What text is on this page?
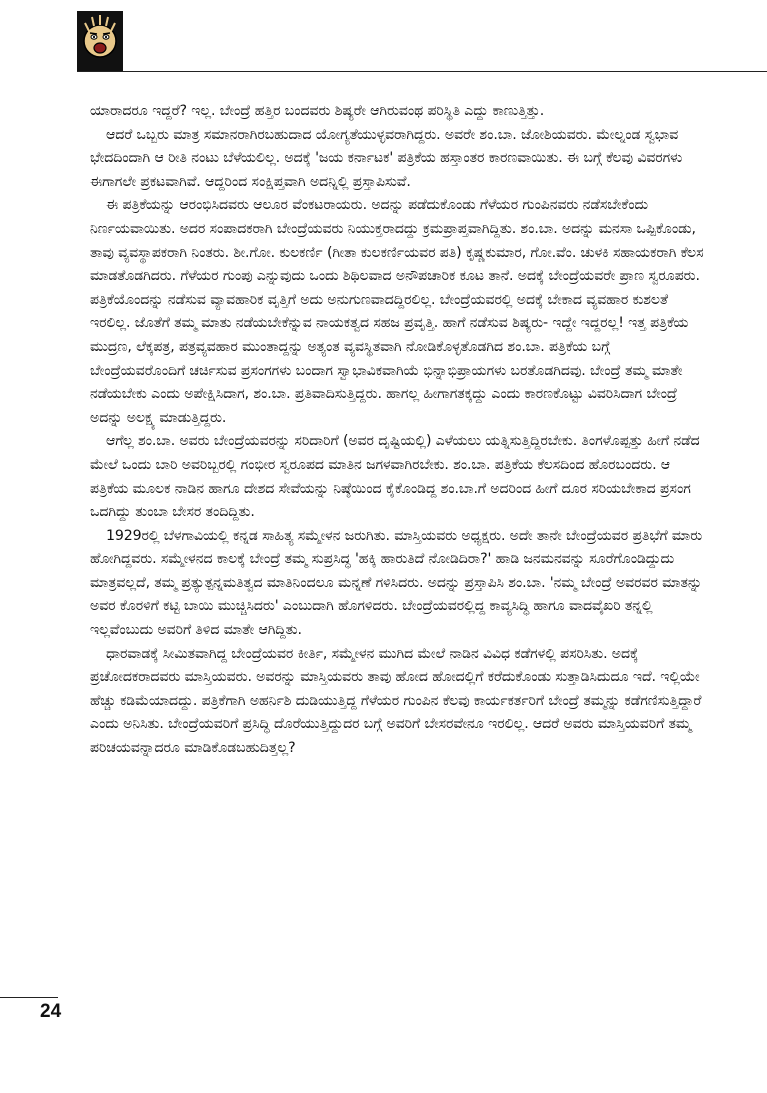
ಯಾರಾದರೂ ಇದ್ದರೆ? ಇಲ್ಲ. ಬೇಂದ್ರೆ ಹತ್ತಿರ ಬಂದವರು ಶಿಷ್ಯರೇ ಆಗಿರುವಂಥ ಪರಿಸ್ಥಿತಿ ಎದ್ದು ಕಾಣುತ್ತಿತ್ತು.

ಆದರೆ ಒಬ್ಬರು ಮಾತ್ರ ಸಮಾನರಾಗಿರಬಹುದಾದ ಯೋಗ್ಯತೆಯುಳ್ಳವರಾಗಿದ್ದರು. ಅವರೇ ಶಂ.ಬಾ. ಜೋಶಿಯವರು. ಮೇಲ್ನಂಡ ಸ್ವಭಾವ ಭೇದದಿಂದಾಗಿ ಆ ರೀತಿ ನಂಟು ಬೆಳೆಯಲಿಲ್ಲ. ಅದಕ್ಕೆ 'ಜಯ ಕರ್ನಾಟಕ' ಪತ್ರಿಕೆಯ ಹಸ್ತಾಂತರ ಕಾರಣವಾಯಿತು. ಈ ಬಗ್ಗೆ ಕೆಲವು ವಿವರಗಳು ಈಗಾಗಲೇ ಪ್ರಕಟವಾಗಿವೆ. ಆದ್ದರಿಂದ ಸಂಕ್ಷಿಪ್ತವಾಗಿ ಅದನ್ನಿಲ್ಲಿ ಪ್ರಸ್ತಾಪಿಸುವೆ.

ಈ ಪತ್ರಿಕೆಯನ್ನು ಆರಂಭಿಸಿದವರು ಆಲೂರ ವೆಂಕಟರಾಯರು. ಅದನ್ನು ಪಡೆದುಕೊಂಡು ಗೆಳೆಯರ ಗುಂಪಿನವರು ನಡೆಸಬೇಕೆಂದು ನಿರ್ಣಯವಾಯಿತು. ಅದರ ಸಂಪಾದಕರಾಗಿ ಬೇಂದ್ರೆಯವರು ನಿಯುಕ್ತರಾದದ್ದು ಕ್ರಮಪ್ರಾಪ್ತವಾಗಿದ್ದಿತು. ಶಂ.ಬಾ. ಅದನ್ನು ಮನಸಾ ಒಪ್ಪಿಕೊಂಡು, ತಾವು ವ್ಯವಸ್ಥಾಪಕರಾಗಿ ನಿಂತರು. ಶೀ.ಗೋ. ಕುಲಕರ್ಣಿ (ಗೀತಾ ಕುಲಕರ್ಣಿಯವರ ಪತಿ) ಕೃಷ್ಣಕುಮಾರ, ಗೋ.ವೆಂ. ಚುಳಕಿ ಸಹಾಯಕರಾಗಿ ಕೆಲಸ ಮಾಡತೊಡಗಿದರು. ಗೆಳೆಯರ ಗುಂಪು ಎನ್ನುವುದು ಒಂದು ಶಿಥಿಲವಾದ ಅನೌಪಚಾರಿಕ ಕೂಟ ತಾನೆ. ಅದಕ್ಕೆ ಬೇಂದ್ರೆಯವರೇ ಪ್ರಾಣ ಸ್ವರೂಪರು. ಪತ್ರಿಕೆಯೊಂದನ್ನು ನಡೆಸುವ ವ್ಯಾವಹಾರಿಕ ವೃತ್ತಿಗೆ ಅದು ಅನುಗುಣವಾದದ್ದಿರಲಿಲ್ಲ. ಬೇಂದ್ರೆಯವರಲ್ಲಿ ಅದಕ್ಕೆ ಬೇಕಾದ ವ್ಯವಹಾರ ಕುಶಲತೆ ಇರಲಿಲ್ಲ. ಜೊತೆಗೆ ತಮ್ಮ ಮಾತು ನಡೆಯಬೇಕೆನ್ನುವ ನಾಯಕತ್ವದ ಸಹಜ ಪ್ರವೃತ್ತಿ. ಹಾಗೆ ನಡೆಸುವ ಶಿಷ್ಯರು- ಇದ್ದೇ ಇದ್ದರಲ್ಲ! ಇತ್ತ ಪತ್ರಿಕೆಯ ಮುದ್ರಣ, ಲೆಕ್ಕಪತ್ರ, ಪತ್ರವ್ಯವಹಾರ ಮುಂತಾದ್ದನ್ನು ಅತ್ಯಂತ ವ್ಯವಸ್ಥಿತವಾಗಿ ನೋಡಿಕೊಳ್ಳತೊಡಗಿದ ಶಂ.ಬಾ. ಪತ್ರಿಕೆಯ ಬಗ್ಗೆ ಬೇಂದ್ರೆಯವರೊಂದಿಗೆ ಚರ್ಚಿಸುವ ಪ್ರಸಂಗಗಳು ಬಂದಾಗ ಸ್ವಾಭಾವಿಕವಾಗಿಯೆ ಭಿನ್ನಾಭಿಪ್ರಾಯಗಳು ಬರತೊಡಗಿದವು. ಬೇಂದ್ರೆ ತಮ್ಮ ಮಾತೇ ನಡೆಯಬೇಕು ಎಂದು ಅಪೇಕ್ಷಿಸಿದಾಗ, ಶಂ.ಬಾ. ಪ್ರತಿವಾದಿಸುತ್ತಿದ್ದರು. ಹಾಗಲ್ಲ ಹೀಗಾಗತಕ್ಕದ್ದು ಎಂದು ಕಾರಣಕೊಟ್ಟು ವಿವರಿಸಿದಾಗ ಬೇಂದ್ರೆ ಅದನ್ನು ಅಲಕ್ಷ್ಯ ಮಾಡುತ್ತಿದ್ದರು.

ಆಗೆಲ್ಲ ಶಂ.ಬಾ. ಅವರು ಬೇಂದ್ರೆಯವರನ್ನು ಸರಿದಾರಿಗೆ (ಅವರ ದೃಷ್ಟಿಯಲ್ಲಿ) ಎಳೆಯಲು ಯತ್ನಿಸುತ್ತಿದ್ದಿರಬೇಕು. ತಿಂಗಳೊಪ್ಪತ್ತು ಹೀಗೆ ನಡೆದ ಮೇಲೆ ಒಂದು ಬಾರಿ ಅವರಿಬ್ಬರಲ್ಲಿ ಗಂಭೀರ ಸ್ವರೂಪದ ಮಾತಿನ ಜಗಳವಾಗಿರಬೇಕು. ಶಂ.ಬಾ. ಪತ್ರಿಕೆಯ ಕೆಲಸದಿಂದ ಹೊರಬಂದರು. ಆ ಪತ್ರಿಕೆಯ ಮೂಲಕ ನಾಡಿನ ಹಾಗೂ ದೇಶದ ಸೇವೆಯನ್ನು ನಿಷ್ಠೆಯಿಂದ ಕೈಕೊಂಡಿದ್ದ ಶಂ.ಬಾ.ಗೆ ಅದರಿಂದ ಹೀಗೆ ದೂರ ಸರಿಯಬೇಕಾದ ಪ್ರಸಂಗ ಒದಗಿದ್ದು ತುಂಬಾ ಬೇಸರ ತಂದಿದ್ದಿತು.

1929ರಲ್ಲಿ ಬೆಳಗಾವಿಯಲ್ಲಿ ಕನ್ನಡ ಸಾಹಿತ್ಯ ಸಮ್ಮೇಳನ ಜರುಗಿತು. ಮಾಸ್ತಿಯವರು ಅಧ್ಯಕ್ಷರು. ಅದೇ ತಾನೇ ಬೇಂದ್ರೆಯವರ ಪ್ರತಿಭೆಗೆ ಮಾರು ಹೋಗಿದ್ದವರು. ಸಮ್ಮೇಳನದ ಕಾಲಕ್ಕೆ ಬೇಂದ್ರೆ ತಮ್ಮ ಸುಪ್ರಸಿದ್ಧ 'ಹಕ್ಕಿ ಹಾರುತಿದೆ ನೋಡಿದಿರಾ?' ಹಾಡಿ ಜನಮನವನ್ನು ಸೂರೆಗೊಂಡಿದ್ದುದು ಮಾತ್ರವಲ್ಲದೆ, ತಮ್ಮ ಪ್ರತ್ಯುತ್ಪನ್ನಮತಿತ್ವದ ಮಾತಿನಿಂದಲೂ ಮನ್ನಣೆ ಗಳಿಸಿದರು. ಅದನ್ನು ಪ್ರಸ್ತಾಪಿಸಿ ಶಂ.ಬಾ. 'ನಮ್ಮ ಬೇಂದ್ರೆ ಅವರವರ ಮಾತನ್ನು ಅವರ ಕೊರಳಿಗೆ ಕಟ್ಟಿ ಬಾಯಿ ಮುಚ್ಚಿಸಿದರು' ಎಂಬುದಾಗಿ ಹೊಗಳಿದರು. ಬೇಂದ್ರೆಯವರಲ್ಲಿದ್ದ ಕಾವ್ಯಸಿದ್ಧಿ ಹಾಗೂ ವಾದವೈಖರಿ ತನ್ನಲ್ಲಿ ಇಲ್ಲವೆಂಬುದು ಅವರಿಗೆ ತಿಳಿದ ಮಾತೇ ಆಗಿದ್ದಿತು.

ಧಾರವಾಡಕ್ಕೆ ಸೀಮಿತವಾಗಿದ್ದ ಬೇಂದ್ರೆಯವರ ಕೀರ್ತಿ, ಸಮ್ಮೇಳನ ಮುಗಿದ ಮೇಲೆ ನಾಡಿನ ವಿವಿಧ ಕಡೆಗಳಲ್ಲಿ ಪಸರಿಸಿತು. ಅದಕ್ಕೆ ಪ್ರಚೋದಕರಾದವರು ಮಾಸ್ತಿಯವರು. ಅವರನ್ನು ಮಾಸ್ತಿಯವರು ತಾವು ಹೋದ ಹೋದಲ್ಲಿಗೆ ಕರೆದುಕೊಂಡು ಸುತ್ತಾಡಿಸಿದುದೂ ಇದೆ. ಇಲ್ಲಿಯೇ ಹೆಚ್ಚು ಕಡಿಮೆಯಾದದ್ದು. ಪತ್ರಿಕೆಗಾಗಿ ಅಹರ್ನಿಶಿ ದುಡಿಯುತ್ತಿದ್ದ ಗೆಳೆಯರ ಗುಂಪಿನ ಕೆಲವು ಕಾರ್ಯಕರ್ತರಿಗೆ ಬೇಂದ್ರೆ ತಮ್ಮನ್ನು ಕಡೆಗಣಿಸುತ್ತಿದ್ದಾರೆ ಎಂದು ಅನಿಸಿತು. ಬೇಂದ್ರೆಯವರಿಗೆ ಪ್ರಸಿದ್ಧಿ ದೊರೆಯುತ್ತಿದ್ದುದರ ಬಗ್ಗೆ ಅವರಿಗೆ ಬೇಸರವೇನೂ ಇರಲಿಲ್ಲ. ಆದರೆ ಅವರು ಮಾಸ್ತಿಯವರಿಗೆ ತಮ್ಮ ಪರಿಚಯವನ್ನಾದರೂ ಮಾಡಿಕೊಡಬಹುದಿತ್ತಲ್ಲ?

24
